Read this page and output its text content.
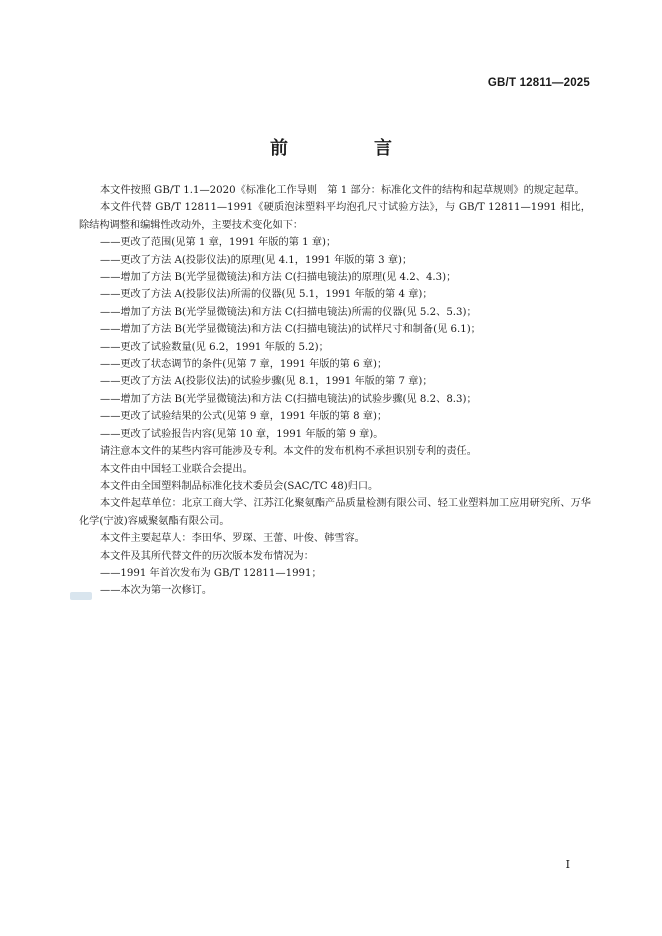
GB/T 12811—2025
前　言

本文件按照 GB/T 1.1—2020《标准化工作导则　第 1 部分：标准化文件的结构和起草规则》的规定起草。

本文件代替 GB/T 12811—1991《硬质泡沫塑料平均泡孔尺寸试验方法》，与 GB/T 12811—1991 相比，除结构调整和编辑性改动外，主要技术变化如下：

——更改了范围(见第 1 章，1991 年版的第 1 章)；

——更改了方法 A(投影仪法)的原理(见 4.1，1991 年版的第 3 章)；

——增加了方法 B(光学显微镜法)和方法 C(扫描电镜法)的原理(见 4.2、4.3)；

——更改了方法 A(投影仪法)所需的仪器(见 5.1，1991 年版的第 4 章)；

——增加了方法 B(光学显微镜法)和方法 C(扫描电镜法)所需的仪器(见 5.2、5.3)；

——增加了方法 B(光学显微镜法)和方法 C(扫描电镜法)的试样尺寸和制备(见 6.1)；

——更改了试验数量(见 6.2，1991 年版的 5.2)；

——更改了状态调节的条件(见第 7 章，1991 年版的第 6 章)；

——更改了方法 A(投影仪法)的试验步骤(见 8.1，1991 年版的第 7 章)；

——增加了方法 B(光学显微镜法)和方法 C(扫描电镜法)的试验步骤(见 8.2、8.3)；

——更改了试验结果的公式(见第 9 章，1991 年版的第 8 章)；

——更改了试验报告内容(见第 10 章，1991 年版的第 9 章)。

请注意本文件的某些内容可能涉及专利。本文件的发布机构不承担识别专利的责任。

本文件由中国轻工业联合会提出。

本文件由全国塑料制品标准化技术委员会(SAC/TC 48)归口。

本文件起草单位：北京工商大学、江苏江化聚氨酯产品质量检测有限公司、轻工业塑料加工应用研究所、万华化学(宁波)容威聚氨酯有限公司。

本文件主要起草人：李田华、罗琛、王蕾、叶俊、韩雪容。

本文件及其所代替文件的历次版本发布情况为：

——1991 年首次发布为 GB/T 12811—1991；

——本次为第一次修订。

I
